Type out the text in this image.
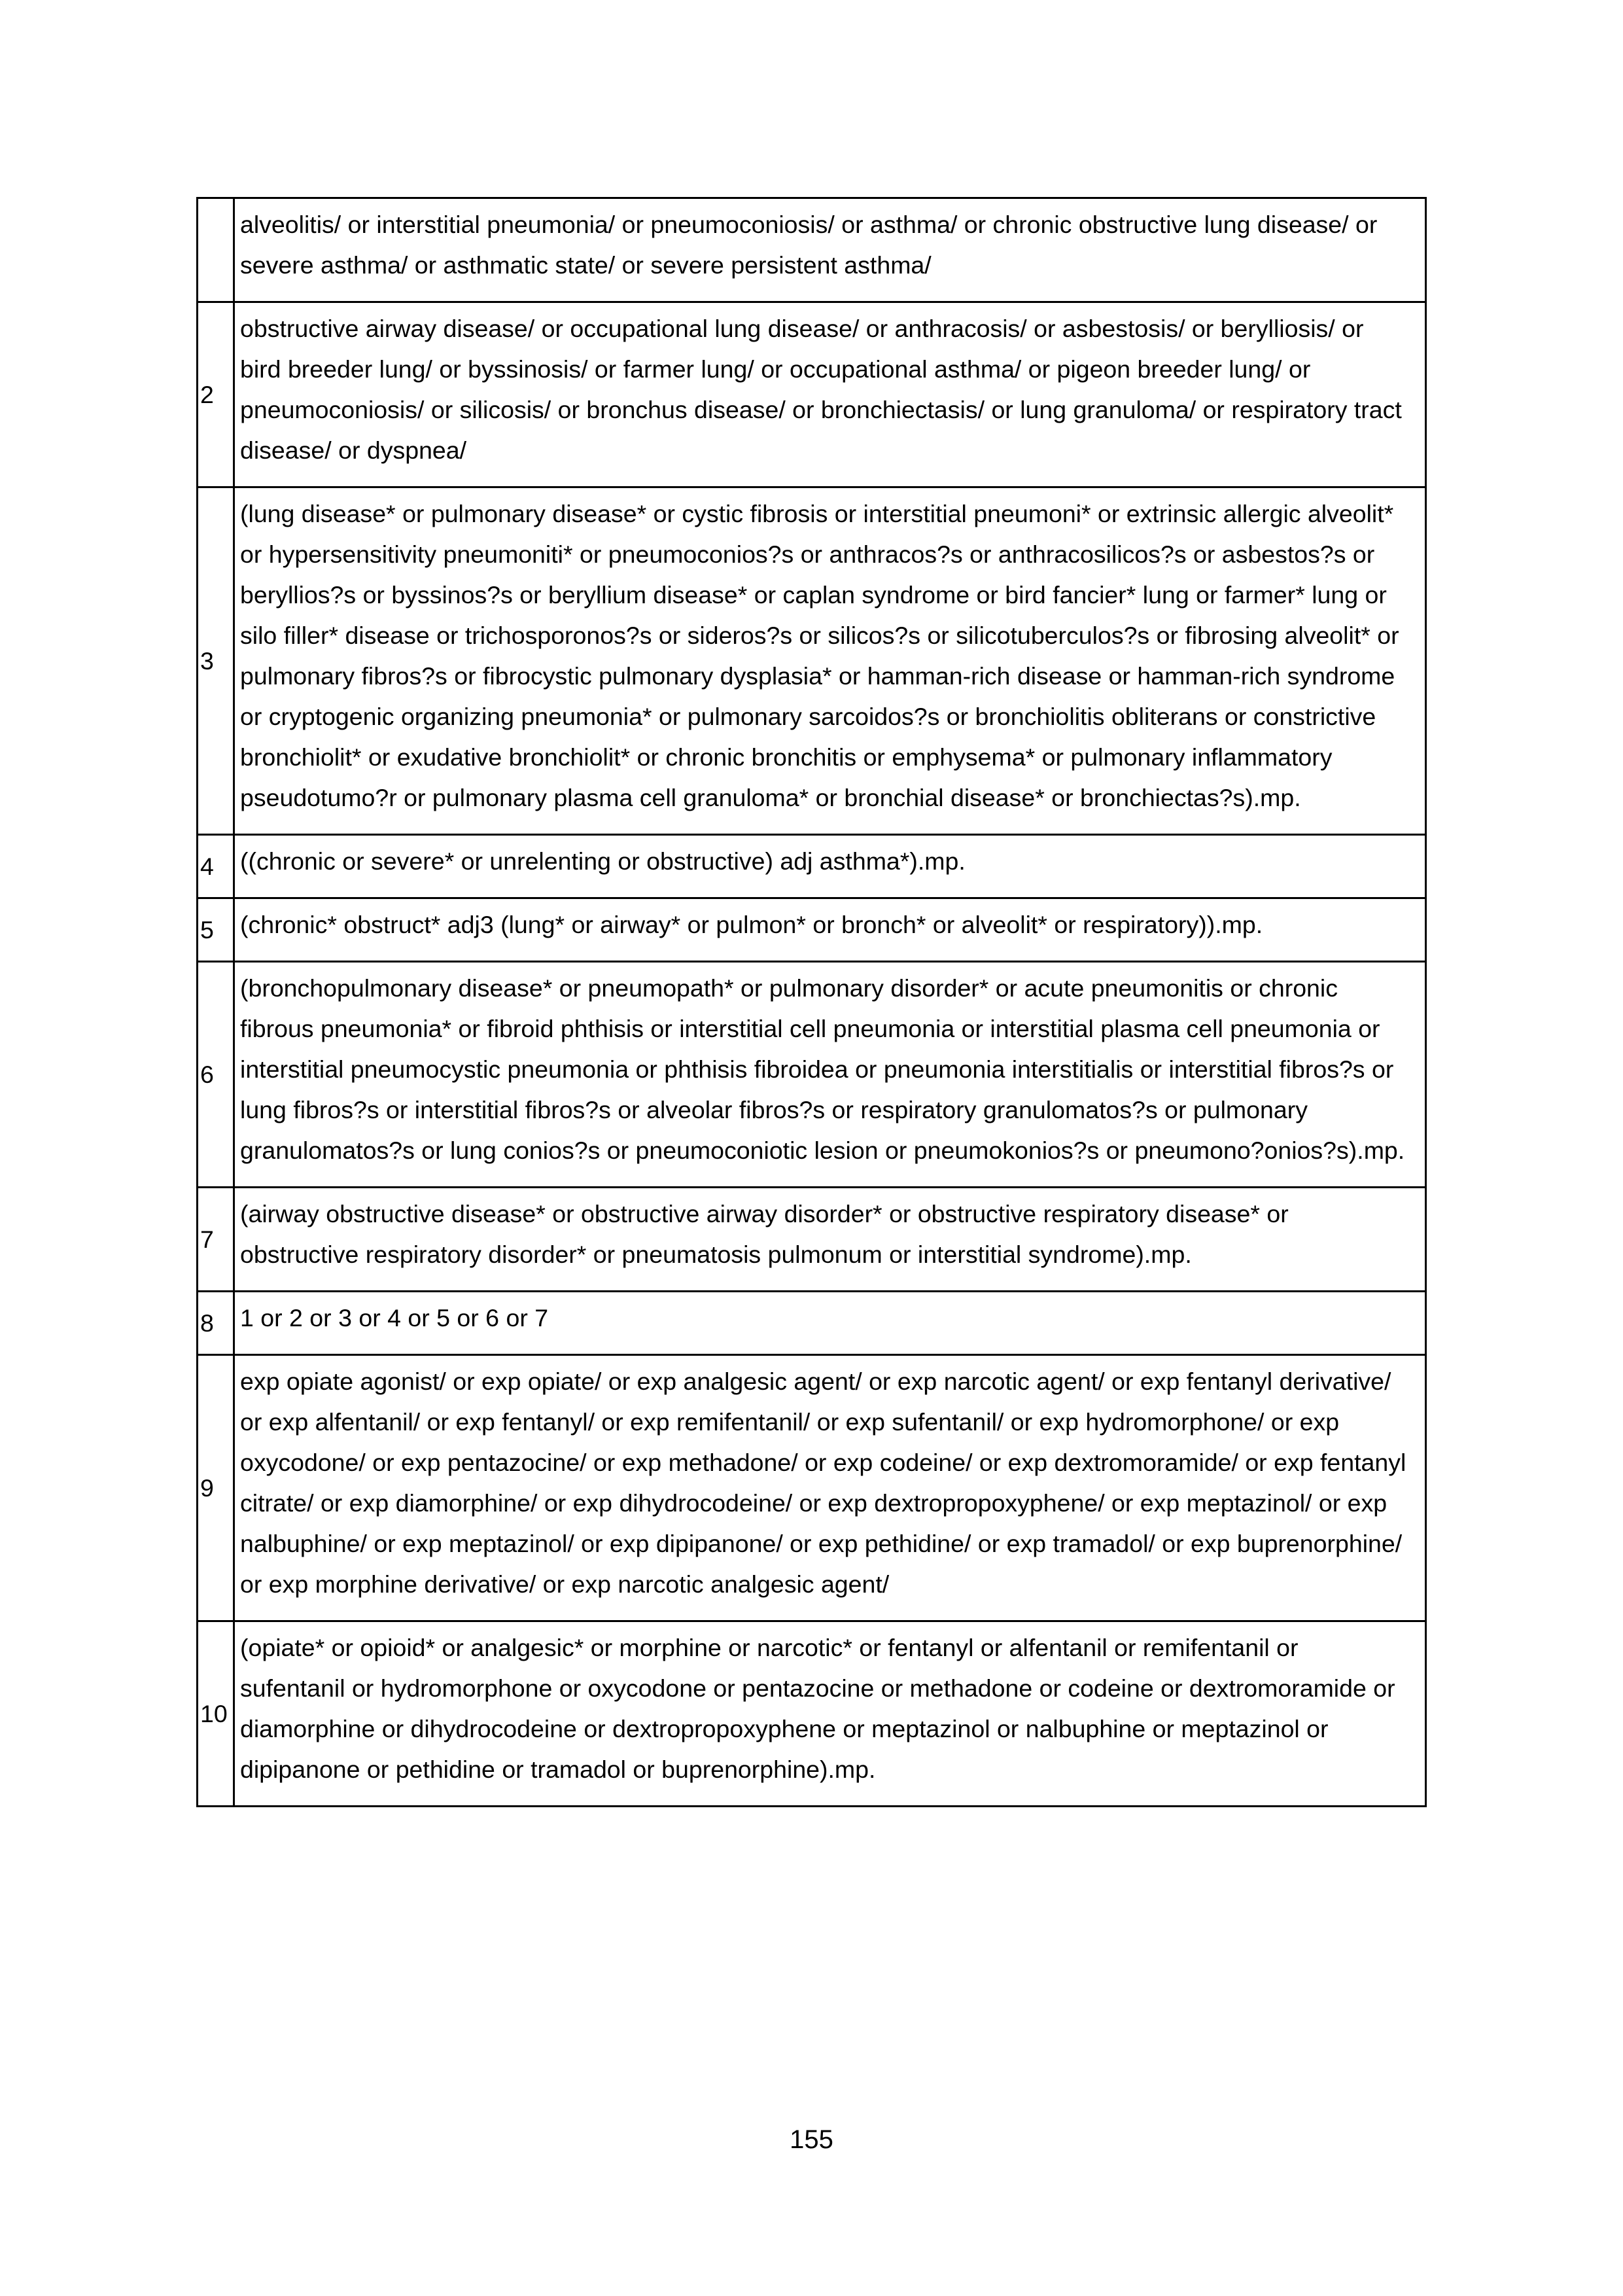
	alveolitis/ or interstitial pneumonia/ or pneumoconiosis/ or asthma/ or chronic obstructive lung disease/ or severe asthma/ or asthmatic state/ or severe persistent asthma/
2	obstructive airway disease/ or occupational lung disease/ or anthracosis/ or asbestosis/ or berylliosis/ or bird breeder lung/ or byssinosis/ or farmer lung/ or occupational asthma/ or pigeon breeder lung/ or pneumoconiosis/ or silicosis/ or bronchus disease/ or bronchiectasis/ or lung granuloma/ or respiratory tract disease/ or dyspnea/
3	(lung disease* or pulmonary disease* or cystic fibrosis or interstitial pneumoni* or extrinsic allergic alveolit* or hypersensitivity pneumoniti* or pneumoconios?s or anthracos?s or anthracosilicos?s or asbestos?s or beryllios?s or byssinos?s or beryllium disease* or caplan syndrome or bird fancier* lung or farmer* lung or silo filler* disease or trichosporonos?s or sideros?s or silicos?s or silicotuberculos?s or fibrosing alveolit* or pulmonary fibros?s or fibrocystic pulmonary dysplasia* or hamman-rich disease or hamman-rich syndrome or cryptogenic organizing pneumonia* or pulmonary sarcoidos?s or bronchiolitis obliterans or constrictive bronchiolit* or exudative bronchiolit* or chronic bronchitis or emphysema* or pulmonary inflammatory pseudotumo?r or pulmonary plasma cell granuloma* or bronchial disease* or bronchiectas?s).mp.
4	((chronic or severe* or unrelenting or obstructive) adj asthma*).mp.
5	(chronic* obstruct* adj3 (lung* or airway* or pulmon* or bronch* or alveolit* or respiratory)).mp.
6	(bronchopulmonary disease* or pneumopath* or pulmonary disorder* or acute pneumonitis or chronic fibrous pneumonia* or fibroid phthisis or interstitial cell pneumonia or interstitial plasma cell pneumonia or interstitial pneumocystic pneumonia or phthisis fibroidea or pneumonia interstitialis or interstitial fibros?s or lung fibros?s or interstitial fibros?s or alveolar fibros?s or respiratory granulomatos?s or pulmonary granulomatos?s or lung conios?s or pneumoconiotic lesion or pneumokonios?s or pneumono?onios?s).mp.
7	(airway obstructive disease* or obstructive airway disorder* or obstructive respiratory disease* or obstructive respiratory disorder* or pneumatosis pulmonum or interstitial syndrome).mp.
8	1 or 2 or 3 or 4 or 5 or 6 or 7
9	exp opiate agonist/ or exp opiate/ or exp analgesic agent/ or exp narcotic agent/ or exp fentanyl derivative/ or exp alfentanil/ or exp fentanyl/ or exp remifentanil/ or exp sufentanil/ or exp hydromorphone/ or exp oxycodone/ or exp pentazocine/ or exp methadone/ or exp codeine/ or exp dextromoramide/ or exp fentanyl citrate/ or exp diamorphine/ or exp dihydrocodeine/ or exp dextropropoxyphene/ or exp meptazinol/ or exp nalbuphine/ or exp meptazinol/ or exp dipipanone/ or exp pethidine/ or exp tramadol/ or exp buprenorphine/ or exp morphine derivative/ or exp narcotic analgesic agent/
10	(opiate* or opioid* or analgesic* or morphine or narcotic* or fentanyl or alfentanil or remifentanil or sufentanil or hydromorphone or oxycodone or pentazocine or methadone or codeine or dextromoramide or diamorphine or dihydrocodeine or dextropropoxyphene or meptazinol or nalbuphine or meptazinol or dipipanone or pethidine or tramadol or buprenorphine).mp.
155
